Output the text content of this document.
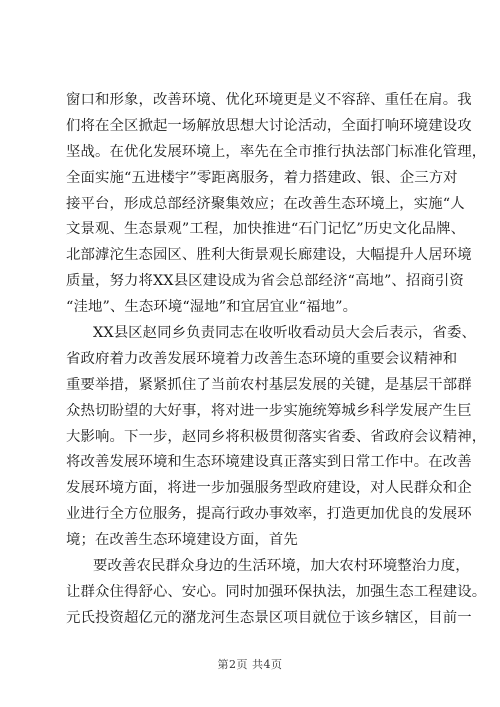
窗口和形象，改善环境、优化环境更是义不容辞、重任在肩。我
们将在全区掀起一场解放思想大讨论活动，全面打响环境建设攻
坚战。在优化发展环境上，率先在全市推行执法部门标准化管理，
全面实施“五进楼宇”零距离服务，着力搭建政、银、企三方对
接平台，形成总部经济聚集效应；在改善生态环境上，实施“人
文景观、生态景观”工程，加快推进“石门记忆”历史文化品牌、
北部滹沱生态园区、胜利大街景观长廊建设，大幅提升人居环境
质量，努力将XX县区建设成为省会总部经济“高地”、招商引资
“洼地”、生态环境“湿地”和宜居宜业“福地”。
XX县区赵同乡负责同志在收听收看动员大会后表示，省委、
省政府着力改善发展环境着力改善生态环境的重要会议精神和
重要举措，紧紧抓住了当前农村基层发展的关键，是基层干部群
众热切盼望的大好事，将对进一步实施统筹城乡科学发展产生巨
大影响。下一步，赵同乡将积极贯彻落实省委、省政府会议精神，
将改善发展环境和生态环境建设真正落实到日常工作中。在改善
发展环境方面，将进一步加强服务型政府建设，对人民群众和企
业进行全方位服务，提高行政办事效率，打造更加优良的发展环
境；在改善生态环境建设方面，首先
要改善农民群众身边的生活环境，加大农村环境整治力度，
让群众住得舒心、安心。同时加强环保执法，加强生态工程建设。
元氏投资超亿元的潴龙河生态景区项目就位于该乡辖区，目前一
第2页 共4页
